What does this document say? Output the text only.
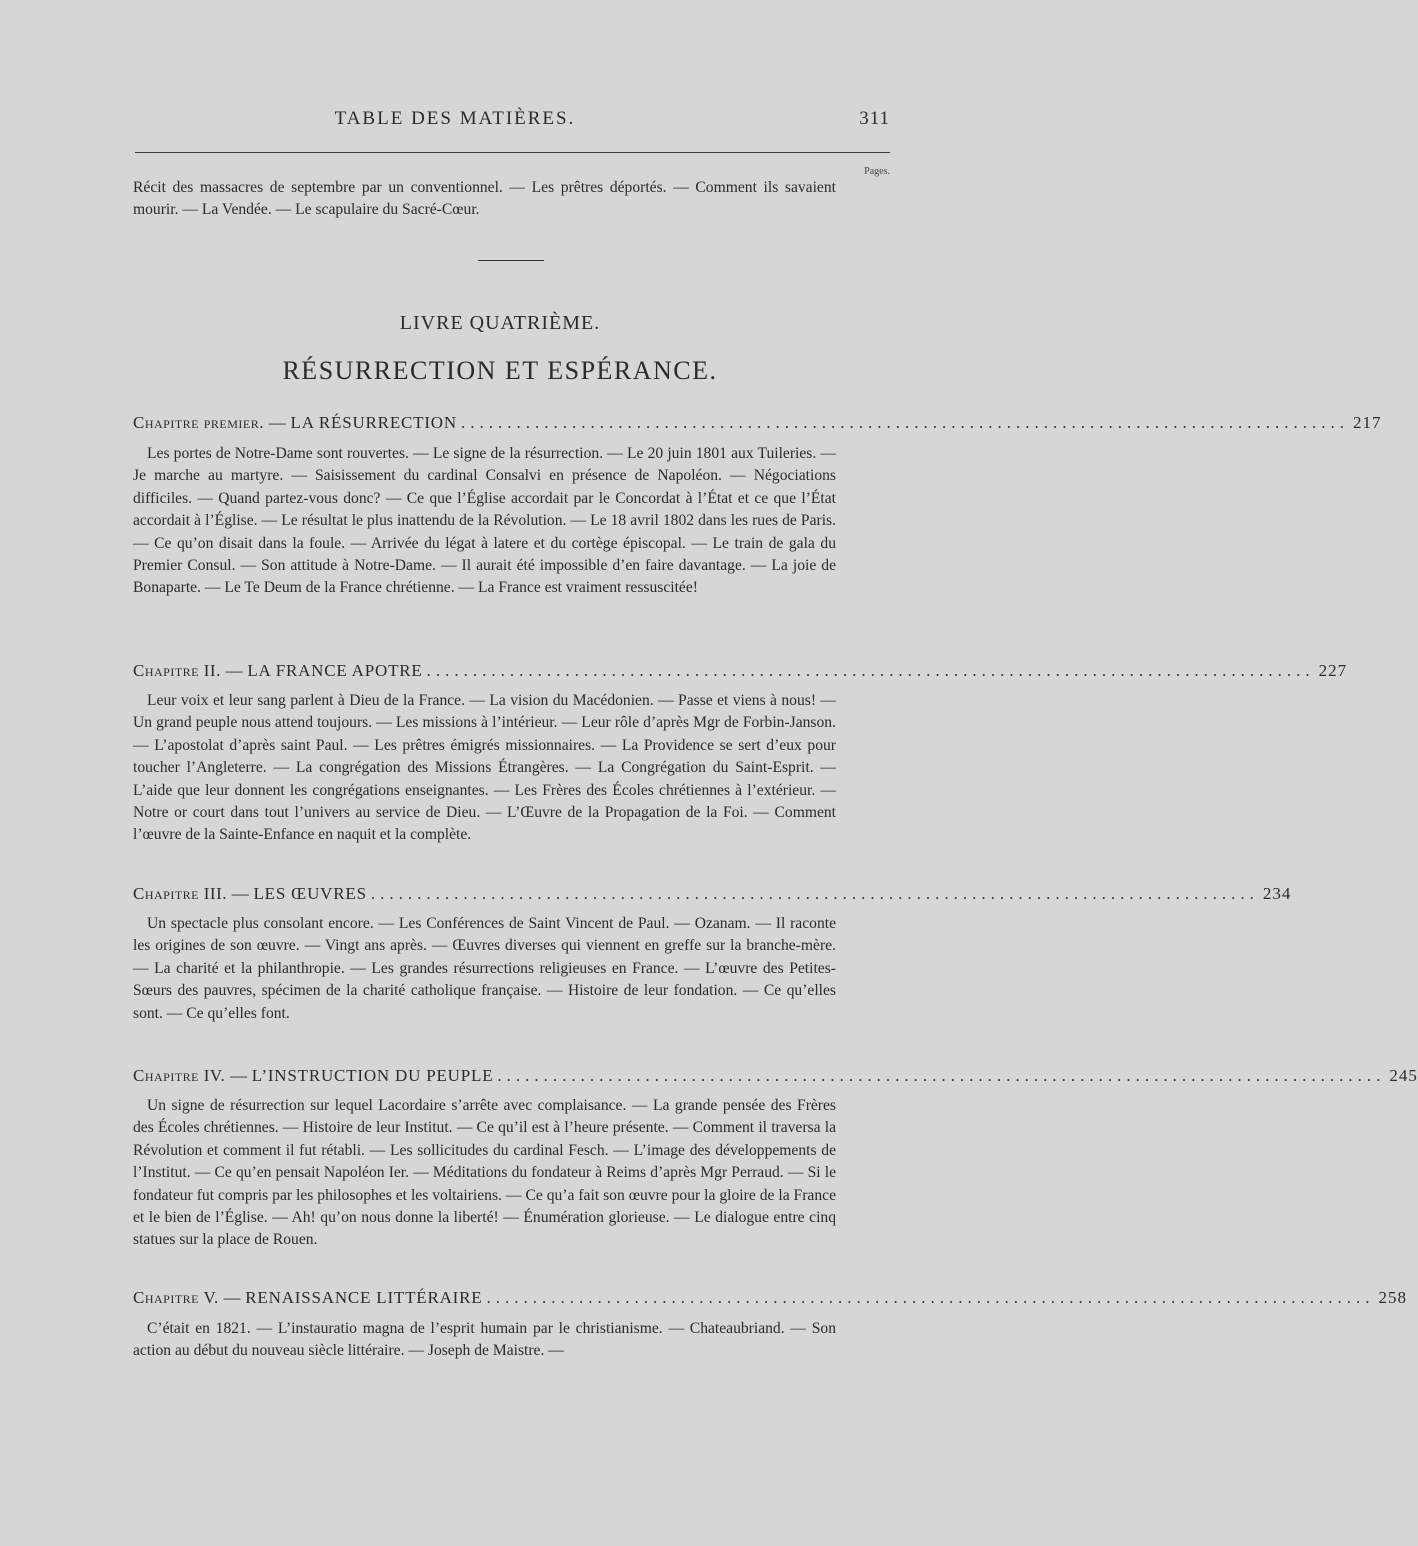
TABLE DES MATIÈRES.	311
Pages.

Récit des massacres de septembre par un conventionnel. — Les prêtres déportés. — Comment ils savaient mourir. — La Vendée. — Le scapulaire du Sacré-Cœur.

LIVRE QUATRIÈME.
RÉSURRECTION ET ESPÉRANCE.
Chapitre premier. —
LA RÉSURRECTION ................................................................................................ 217

Les portes de Notre-Dame sont rouvertes. — Le signe de la résurrection. — Le 20 juin 1801 aux Tuileries. — Je marche au martyre. — Saisissement du cardinal Consalvi en présence de Napoléon. — Négociations difficiles. — Quand partez-vous donc? — Ce que l’Église accordait par le Concordat à l’État et ce que l’État accordait à l’Église. — Le résultat le plus inattendu de la Révolution. — Le 18 avril 1802 dans les rues de Paris. — Ce qu’on disait dans la foule. — Arrivée du légat à latere et du cortège épiscopal. — Le train de gala du Premier Consul. — Son attitude à Notre-Dame. — Il aurait été impossible d’en faire davantage. — La joie de Bonaparte. — Le Te Deum de la France chrétienne. — La France est vraiment ressuscitée!

Chapitre II. —
LA FRANCE APOTRE ................................................................................................ 227

Leur voix et leur sang parlent à Dieu de la France. — La vision du Macédonien. — Passe et viens à nous! — Un grand peuple nous attend toujours. — Les missions à l’intérieur. — Leur rôle d’après Mgr de Forbin-Janson. — L’apostolat d’après saint Paul. — Les prêtres émigrés missionnaires. — La Providence se sert d’eux pour toucher l’Angleterre. — La congrégation des Missions Étrangères. — La Congrégation du Saint-Esprit. — L’aide que leur donnent les congrégations enseignantes. — Les Frères des Écoles chrétiennes à l’extérieur. — Notre or court dans tout l’univers au service de Dieu. — L’Œuvre de la Propagation de la Foi. — Comment l’œuvre de la Sainte-Enfance en naquit et la complète.

Chapitre III. —
LES ŒUVRES ................................................................................................ 234

Un spectacle plus consolant encore. — Les Conférences de Saint Vincent de Paul. — Ozanam. — Il raconte les origines de son œuvre. — Vingt ans après. — Œuvres diverses qui viennent en greffe sur la branche-mère. — La charité et la philanthropie. — Les grandes résurrections religieuses en France. — L’œuvre des Petites-Sœurs des pauvres, spécimen de la charité catholique française. — Histoire de leur fondation. — Ce qu’elles sont. — Ce qu’elles font.

Chapitre IV. —
L’INSTRUCTION DU PEUPLE ................................................................................................ 245

Un signe de résurrection sur lequel Lacordaire s’arrête avec complaisance. — La grande pensée des Frères des Écoles chrétiennes. — Histoire de leur Institut. — Ce qu’il est à l’heure présente. — Comment il traversa la Révolution et comment il fut rétabli. — Les sollicitudes du cardinal Fesch. — L’image des développements de l’Institut. — Ce qu’en pensait Napoléon Ier. — Méditations du fondateur à Reims d’après Mgr Perraud. — Si le fondateur fut compris par les philosophes et les voltairiens. — Ce qu’a fait son œuvre pour la gloire de la France et le bien de l’Église. — Ah! qu’on nous donne la liberté! — Énumération glorieuse. — Le dialogue entre cinq statues sur la place de Rouen.

Chapitre V. —
RENAISSANCE LITTÉRAIRE ................................................................................................ 258

C’était en 1821. — L’instauratio magna de l’esprit humain par le christianisme. — Chateaubriand. — Son action au début du nouveau siècle littéraire. — Joseph de Maistre. —
